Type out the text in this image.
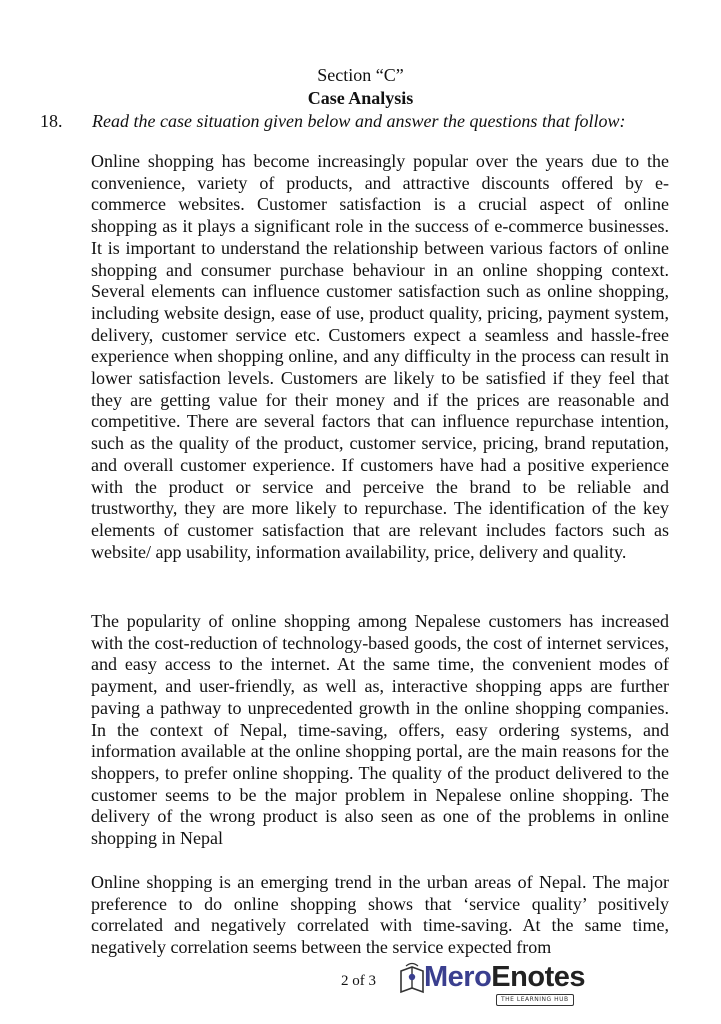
Section “C”
Case Analysis
18. Read the case situation given below and answer the questions that follow:

Online shopping has become increasingly popular over the years due to the convenience, variety of products, and attractive discounts offered by e-commerce websites. Customer satisfaction is a crucial aspect of online shopping as it plays a significant role in the success of e-commerce businesses. It is important to understand the relationship between various factors of online shopping and consumer purchase behaviour in an online shopping context. Several elements can influence customer satisfaction such as online shopping, including website design, ease of use, product quality, pricing, payment system, delivery, customer service etc. Customers expect a seamless and hassle-free experience when shopping online, and any difficulty in the process can result in lower satisfaction levels. Customers are likely to be satisfied if they feel that they are getting value for their money and if the prices are reasonable and competitive. There are several factors that can influence repurchase intention, such as the quality of the product, customer service, pricing, brand reputation, and overall customer experience. If customers have had a positive experience with the product or service and perceive the brand to be reliable and trustworthy, they are more likely to repurchase. The identification of the key elements of customer satisfaction that are relevant includes factors such as website/ app usability, information availability, price, delivery and quality.

The popularity of online shopping among Nepalese customers has increased with the cost-reduction of technology-based goods, the cost of internet services, and easy access to the internet. At the same time, the convenient modes of payment, and user-friendly, as well as, interactive shopping apps are further paving a pathway to unprecedented growth in the online shopping companies. In the context of Nepal, time-saving, offers, easy ordering systems, and information available at the online shopping portal, are the main reasons for the shoppers, to prefer online shopping. The quality of the product delivered to the customer seems to be the major problem in Nepalese online shopping. The delivery of the wrong product is also seen as one of the problems in online shopping in Nepal

Online shopping is an emerging trend in the urban areas of Nepal. The major preference to do online shopping shows that ‘service quality’ positively correlated and negatively correlated with time-saving. At the same time, negatively correlation seems between the service expected from

2 of 3 MeroEnotes
THE LEARNING HUB
